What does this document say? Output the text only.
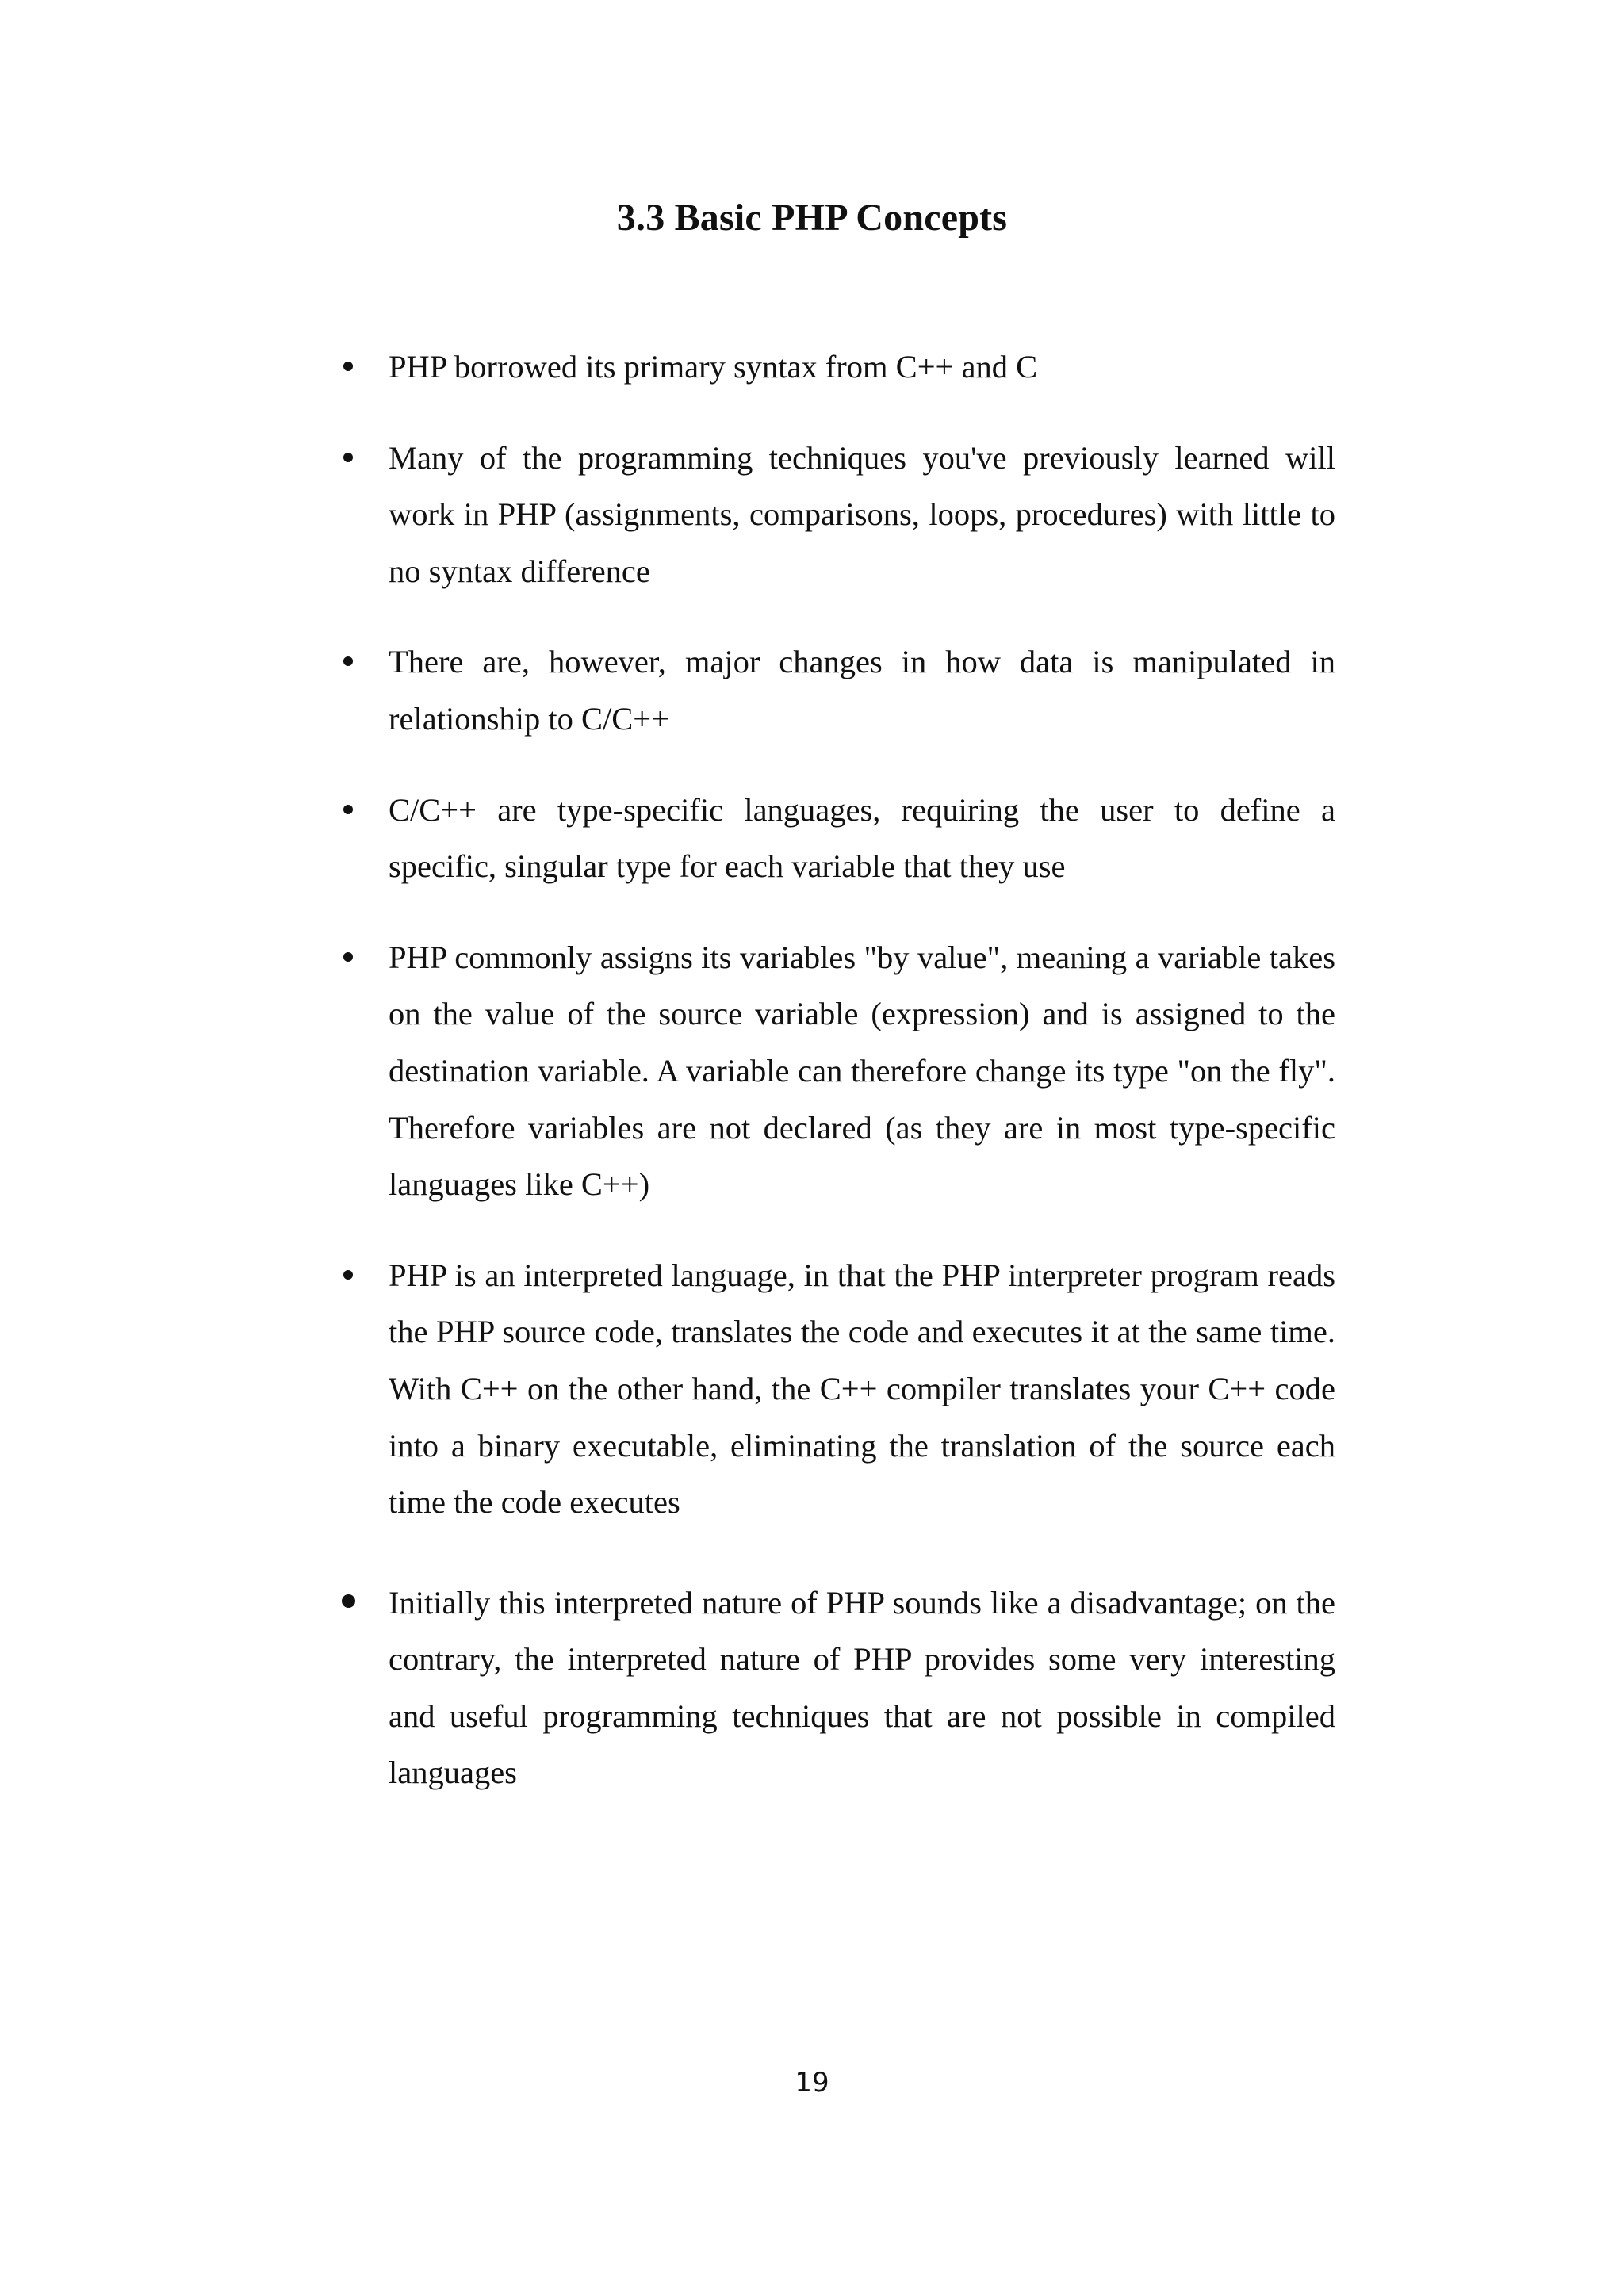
3.3 Basic PHP Concepts
PHP borrowed its primary syntax from C++ and C
Many of the programming techniques you've previously learned will work in PHP (assignments, comparisons, loops, procedures) with little to no syntax difference
There are, however, major changes in how data is manipulated in relationship to C/C++
C/C++ are type-specific languages, requiring the user to define a specific, singular type for each variable that they use
PHP commonly assigns its variables "by value", meaning a variable takes on the value of the source variable (expression) and is assigned to the destination variable. A variable can therefore change its type "on the fly". Therefore variables are not declared (as they are in most type-specific languages like C++)
PHP is an interpreted language, in that the PHP interpreter program reads the PHP source code, translates the code and executes it at the same time. With C++ on the other hand, the C++ compiler translates your C++ code into a binary executable, eliminating the translation of the source each time the code executes
Initially this interpreted nature of PHP sounds like a disadvantage; on the contrary, the interpreted nature of PHP provides some very interesting and useful programming techniques that are not possible in compiled languages
19
